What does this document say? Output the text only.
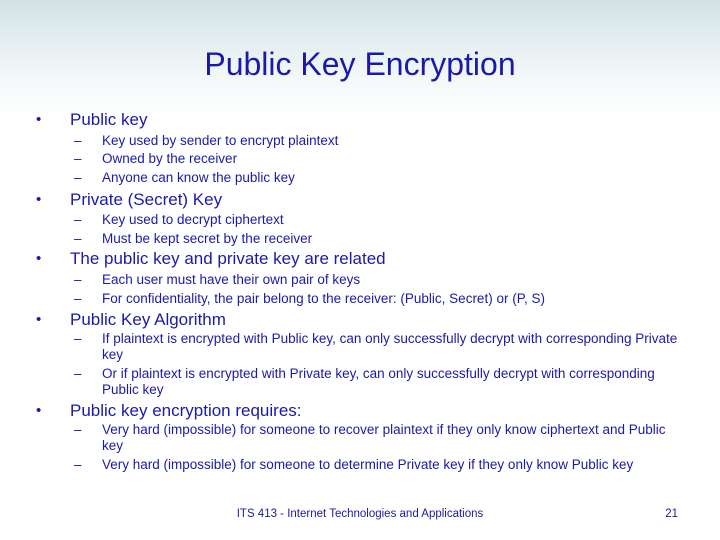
Public Key Encryption
• Public key
– Key used by sender to encrypt plaintext
– Owned by the receiver
– Anyone can know the public key
• Private (Secret) Key
– Key used to decrypt ciphertext
– Must be kept secret by the receiver
• The public key and private key are related
– Each user must have their own pair of keys
– For confidentiality, the pair belong to the receiver: (Public, Secret) or (P, S)
• Public Key Algorithm
– If plaintext is encrypted with Public key, can only successfully decrypt with corresponding Private key
– Or if plaintext is encrypted with Private key, can only successfully decrypt with corresponding Public key
• Public key encryption requires:
– Very hard (impossible) for someone to recover plaintext if they only know ciphertext and Public key
– Very hard (impossible) for someone to determine Private key if they only know Public key
ITS 413 - Internet Technologies and Applications	21
